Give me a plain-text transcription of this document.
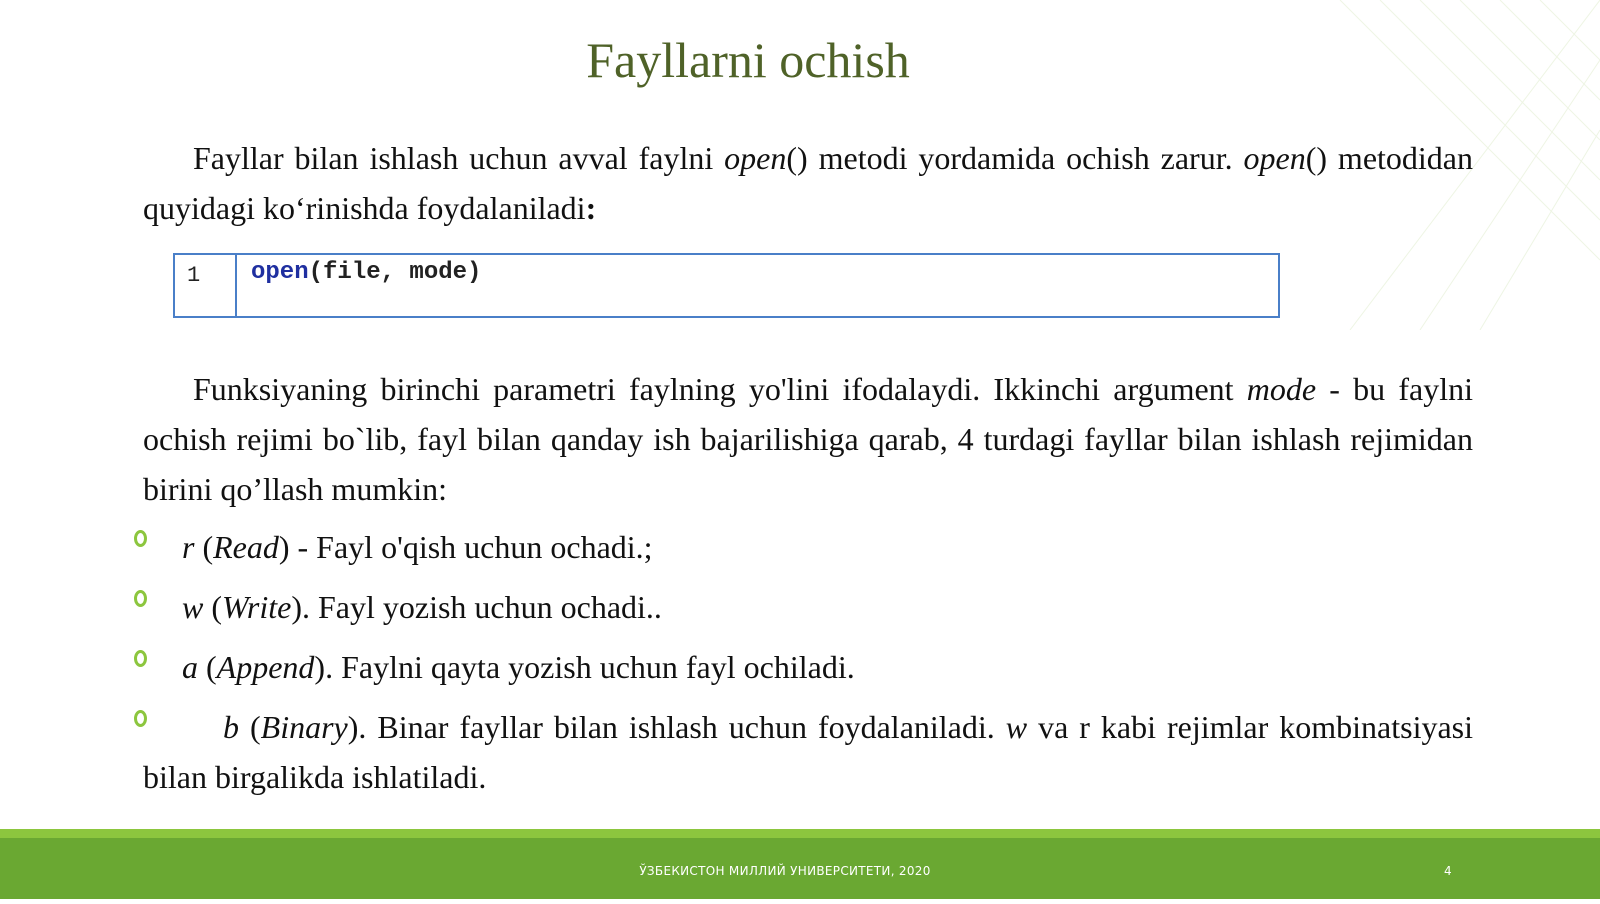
Fayllarni ochish
Fayllar bilan ishlash uchun avval faylni open() metodi yordamida ochish zarur. open() metodidan quyidagi ko‘rinishda foydalaniladi:
1	open(file, mode)
Funksiyaning birinchi parametri faylning yo'lini ifodalaydi. Ikkinchi argument mode - bu faylni ochish rejimi bo`lib, fayl bilan qanday ish bajarilishiga qarab, 4 turdagi fayllar bilan ishlash rejimidan birini qo’llash mumkin:
r (Read) - Fayl o'qish uchun ochadi.;
w (Write). Fayl yozish uchun ochadi..
a (Append). Faylni qayta yozish uchun fayl ochiladi.
b (Binary). Binar fayllar bilan ishlash uchun foydalaniladi. w va r kabi rejimlar kombinatsiyasi bilan birgalikda ishlatiladi.
ЎЗБЕКИСТОН МИЛЛИЙ УНИВЕРСИТЕТИ, 2020	4
